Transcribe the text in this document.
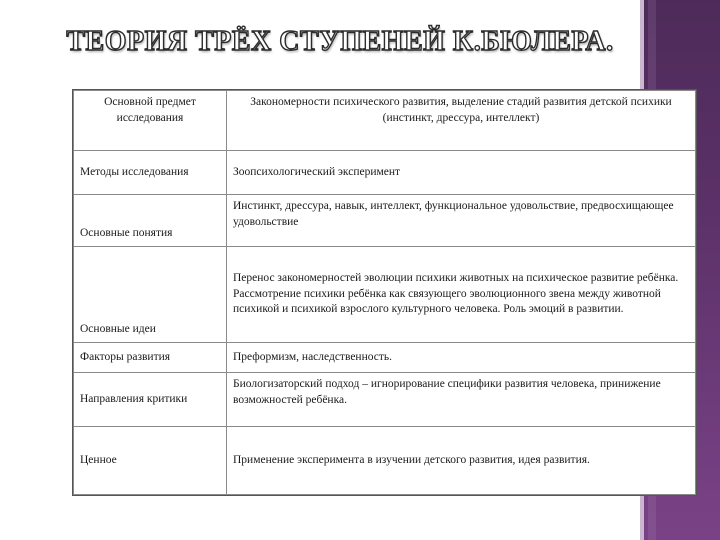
ТЕОРИЯ ТРЁХ СТУПЕНЕЙ К.БЮЛЕРА.
Основной предмет исследования	Закономерности психического развития, выделение стадий развития детской психики (инстинкт, дрессура, интеллект)
Методы исследования	Зоопсихологический эксперимент
Основные понятия	Инстинкт, дрессура, навык, интеллект, функциональное удовольствие, предвосхищающее удовольствие
Основные идеи	Перенос закономерностей эволюции психики животных на психическое развитие ребёнка. Рассмотрение психики ребёнка как связующего эволюционного звена между животной психикой и психикой взрослого культурного человека. Роль эмоций в развитии.
Факторы развития	Преформизм, наследственность.
Направления критики	Биологизаторский подход – игнорирование специфики развития человека, принижение возможностей ребёнка.
Ценное	Применение эксперимента в изучении детского развития, идея развития.
